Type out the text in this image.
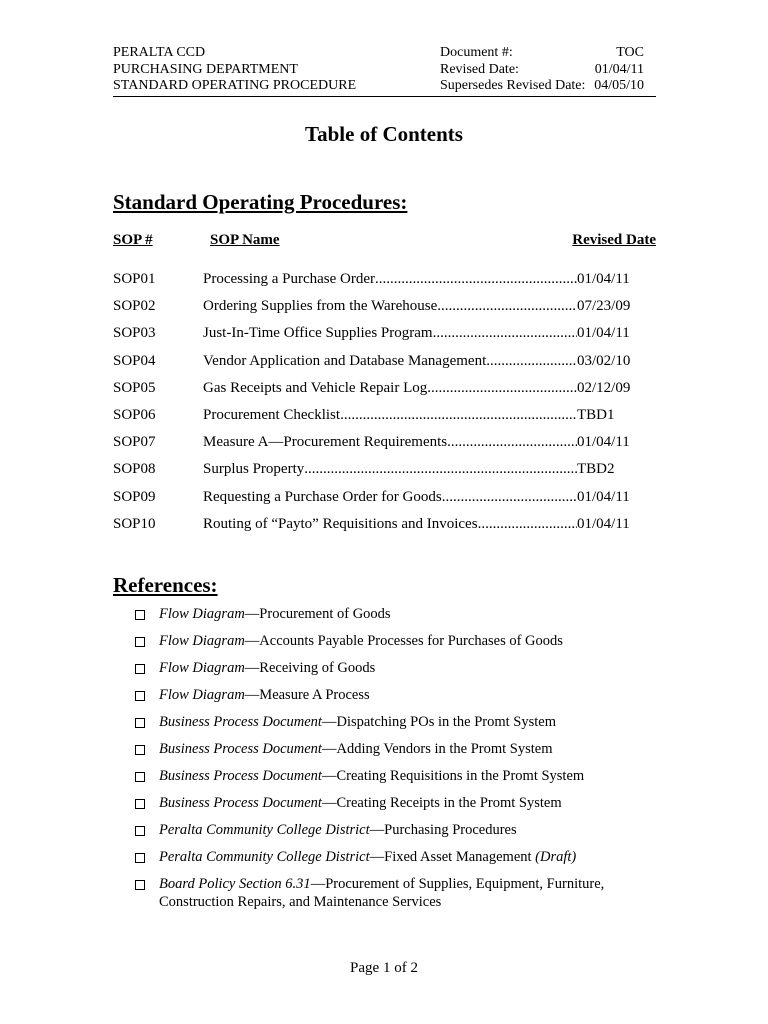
PERALTA CCD	Document #:	TOC
PURCHASING DEPARTMENT	Revised Date:	01/04/11
STANDARD OPERATING PROCEDURE	Supersedes Revised Date: 04/05/10
Table of Contents
Standard Operating Procedures:
SOP #	SOP Name	Revised Date
SOP01	Processing a Purchase Order .....	01/04/11
SOP02	Ordering Supplies from the Warehouse .....	07/23/09
SOP03	Just-In-Time Office Supplies Program .....	01/04/11
SOP04	Vendor Application and Database Management .....	03/02/10
SOP05	Gas Receipts and Vehicle Repair Log .....	02/12/09
SOP06	Procurement Checklist .....	TBD1
SOP07	Measure A—Procurement Requirements .....	01/04/11
SOP08	Surplus Property .....	TBD2
SOP09	Requesting a Purchase Order for Goods .....	01/04/11
SOP10	Routing of “Payto” Requisitions and Invoices .....	01/04/11
References:
Flow Diagram—Procurement of Goods
Flow Diagram—Accounts Payable Processes for Purchases of Goods
Flow Diagram—Receiving of Goods
Flow Diagram—Measure A Process
Business Process Document—Dispatching POs in the Promt System
Business Process Document—Adding Vendors in the Promt System
Business Process Document—Creating Requisitions in the Promt System
Business Process Document—Creating Receipts in the Promt System
Peralta Community College District—Purchasing Procedures
Peralta Community College District—Fixed Asset Management (Draft)
Board Policy Section 6.31—Procurement of Supplies, Equipment, Furniture, Construction Repairs, and Maintenance Services
Page 1 of 2
